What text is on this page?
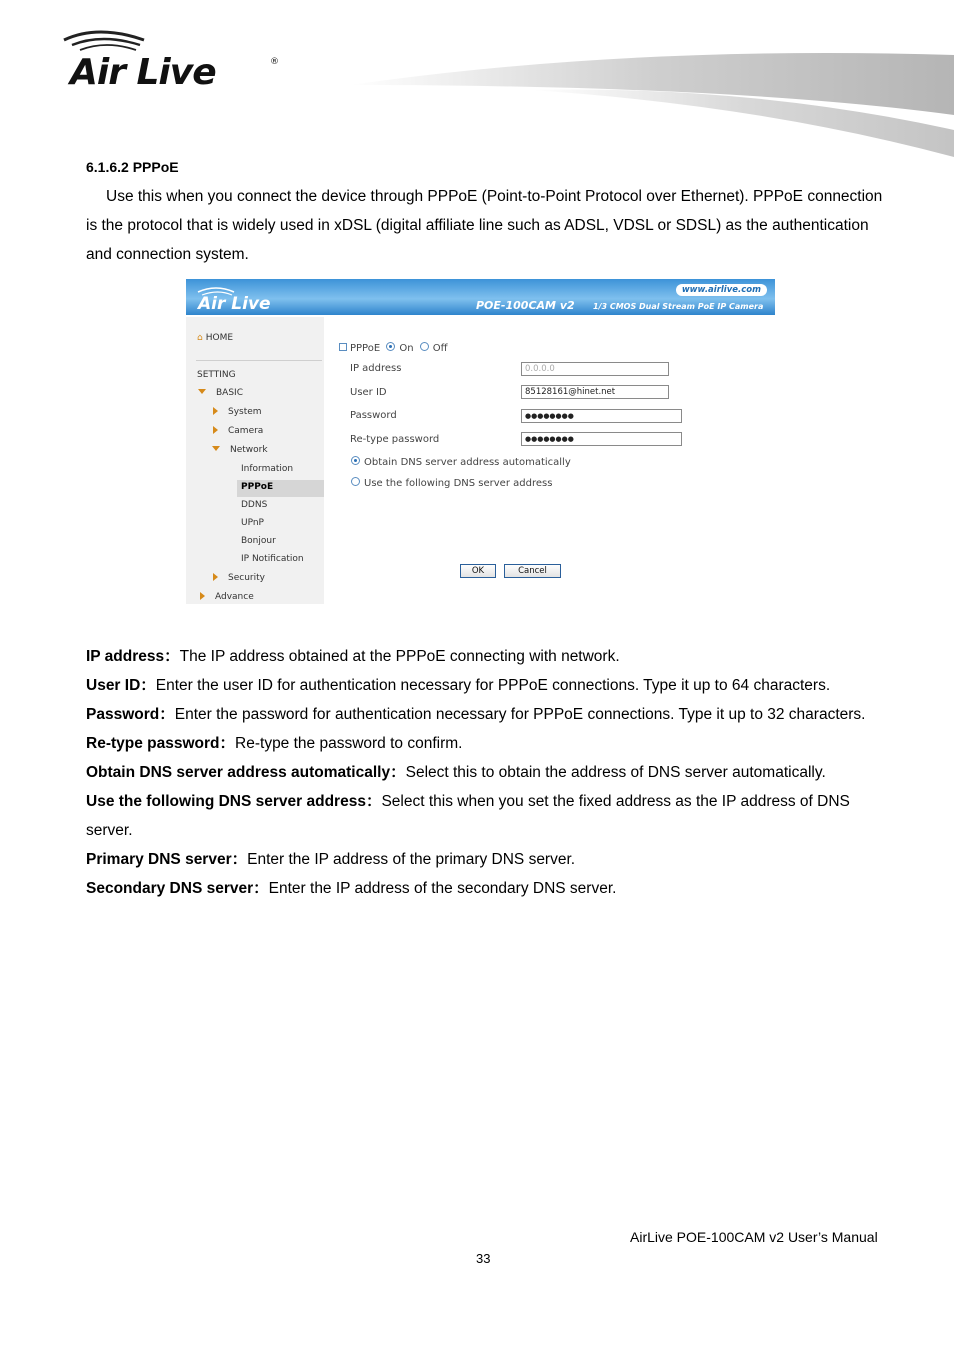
Air Live	®
6.1.6.2 PPPoE
Use this when you connect the device through PPPoE (Point-to-Point Protocol over Ethernet). PPPoE connection is the protocol that is widely used in xDSL (digital affiliate line such as ADSL, VDSL or SDSL) as the authentication and connection system.
Air Live
www.airlive.com
POE-100CAM v2 1/3 CMOS Dual Stream PoE IP Camera
⌂ HOME
SETTING
BASIC
System
Camera
Network
Information
PPPoE
DDNS
UPnP
Bonjour
IP Notification
Security
Advance
PPPoE On Off
IP address	0.0.0.0
User ID	85128161@hinet.net
Password	●●●●●●●●
Re-type password	●●●●●●●●
Obtain DNS server address automatically
Use the following DNS server address
OK	Cancel

IP address：The IP address obtained at the PPPoE connecting with network.

User ID：Enter the user ID for authentication necessary for PPPoE connections. Type it up to 64 characters.

Password：Enter the password for authentication necessary for PPPoE connections. Type it up to 32 characters.

Re-type password：Re-type the password to confirm.

Obtain DNS server address automatically：Select this to obtain the address of DNS server automatically.

Use the following DNS server address：Select this when you set the fixed address as the IP address of DNS server.

Primary DNS server：Enter the IP address of the primary DNS server.

Secondary DNS server：Enter the IP address of the secondary DNS server.

AirLive POE-100CAM v2 User’s Manual
33
